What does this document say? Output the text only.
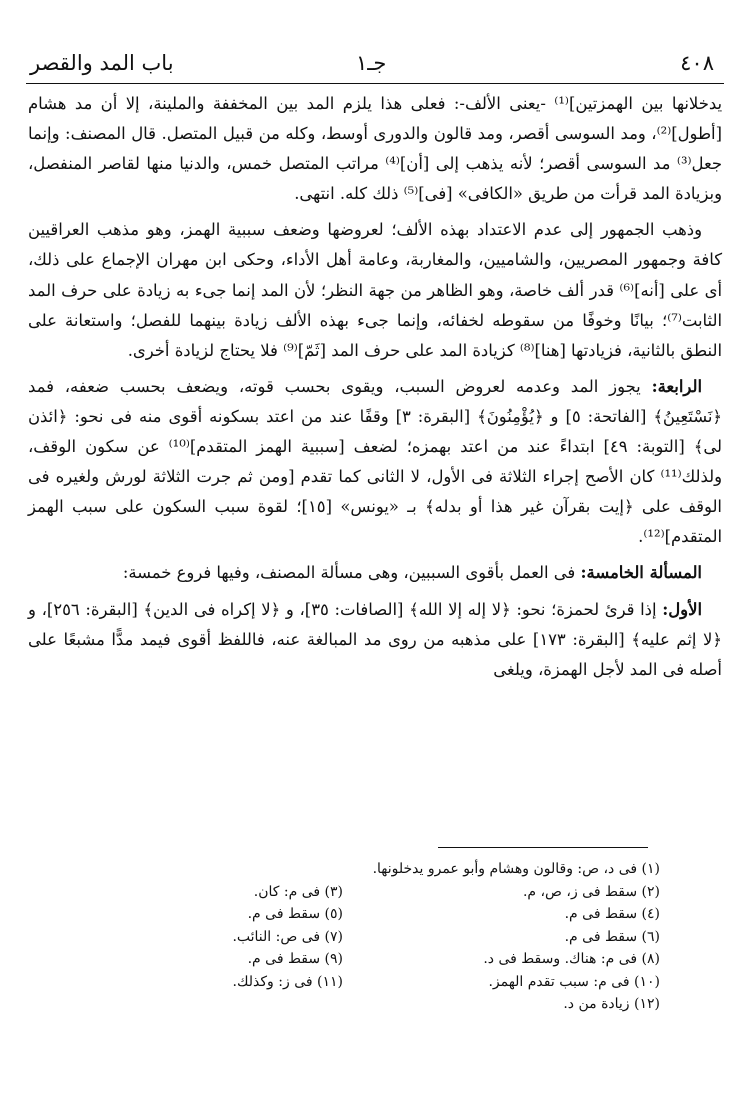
٤٠٨
جـ١
باب المد والقصر

يدخلانها بين الهمزتين]⁽¹⁾ -يعنى الألف-: فعلى هذا يلزم المد بين المخففة والملينة، إلا أن مد هشام [أطول]⁽²⁾، ومد السوسى أقصر، ومد قالون والدورى أوسط، وكله من قبيل المتصل. قال المصنف: وإنما جعل⁽³⁾ مد السوسى أقصر؛ لأنه يذهب إلى [أن]⁽⁴⁾ مراتب المتصل خمس، والدنيا منها لقاصر المنفصل، وبزيادة المد قرأت من طريق «الكافى» [فى]⁽⁵⁾ ذلك كله. انتهى.

وذهب الجمهور إلى عدم الاعتداد بهذه الألف؛ لعروضها وضعف سببية الهمز، وهو مذهب العراقيين كافة وجمهور المصريين، والشاميين، والمغاربة، وعامة أهل الأداء، وحكى ابن مهران الإجماع على ذلك، أى على [أنه]⁽⁶⁾ قدر ألف خاصة، وهو الظاهر من جهة النظر؛ لأن المد إنما جىء به زيادة على حرف المد الثابت⁽⁷⁾؛ بيانًا وخوفًا من سقوطه لخفائه، وإنما جىء بهذه الألف زيادة بينهما للفصل؛ واستعانة على النطق بالثانية، فزيادتها [هنا]⁽⁸⁾ كزيادة المد على حرف المد [ثَمّ]⁽⁹⁾ فلا يحتاج لزيادة أخرى.

الرابعة: يجوز المد وعدمه لعروض السبب، ويقوى بحسب قوته، ويضعف بحسب ضعفه، فمد ﴿نَسْتَعِينُ﴾ [الفاتحة: ٥] و ﴿يُؤْمِنُونَ﴾ [البقرة: ٣] وقفًا عند من اعتد بسكونه أقوى منه فى نحو: ﴿ائذن لى﴾ [التوبة: ٤٩] ابتداءً عند من اعتد بهمزه؛ لضعف [سببية الهمز المتقدم]⁽¹⁰⁾ عن سكون الوقف، ولذلك⁽¹¹⁾ كان الأصح إجراء الثلاثة فى الأول، لا الثانى كما تقدم [ومن ثم جرت الثلاثة لورش ولغيره فى الوقف على ﴿إيت بقرآن غير هذا أو بدله﴾ بـ «يونس» [١٥]؛ لقوة سبب السكون على سبب الهمز المتقدم]⁽¹²⁾.

المسألة الخامسة: فى العمل بأقوى السببين، وهى مسألة المصنف، وفيها فروع خمسة:

الأول: إذا قرئ لحمزة؛ نحو: ﴿لا إله إلا الله﴾ [الصافات: ٣٥]، و ﴿لا إكراه فى الدين﴾ [البقرة: ٢٥٦]، و ﴿لا إثم عليه﴾ [البقرة: ١٧٣] على مذهبه من روى مد المبالغة عنه، فاللفظ أقوى فيمد مدًّا مشبعًا على أصله فى المد لأجل الهمزة، ويلغى

(١) فى د، ص: وقالون وهشام وأبو عمرو يدخلونها.
(٢) سقط فى ز، ص، م.
(٣) فى م: كان.
(٤) سقط فى م.
(٥) سقط فى م.
(٦) سقط فى م.
(٧) فى ص: النائب.
(٨) فى م: هناك. وسقط فى د.
(٩) سقط فى م.
(١٠) فى م: سبب تقدم الهمز.
(١١) فى ز: وكذلك.
(١٢) زيادة من د.
